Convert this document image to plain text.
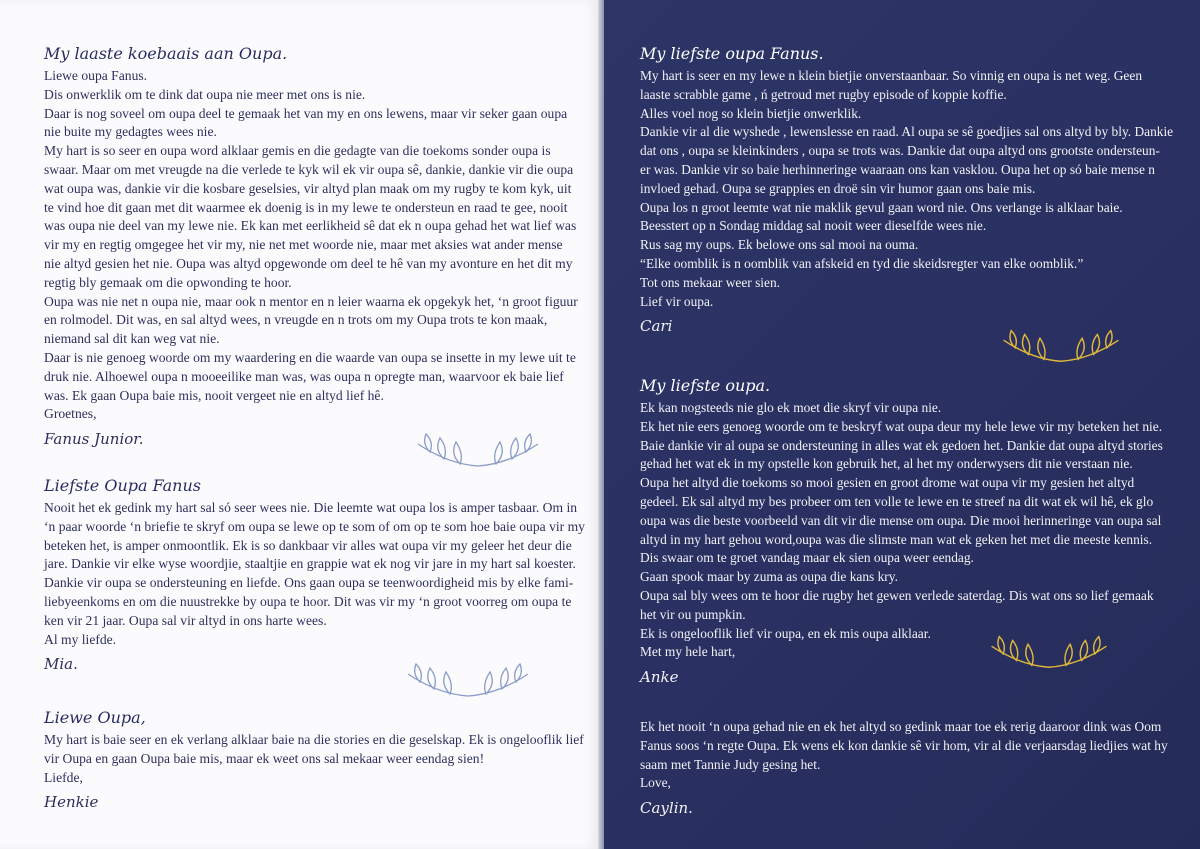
My laaste koebaais aan Oupa.
Liewe oupa Fanus.
Dis onwerklik om te dink dat oupa nie meer met ons is nie.
Daar is nog soveel om oupa deel te gemaak het van my en ons lewens, maar vir seker gaan oupa
nie buite my gedagtes wees nie.
My hart is so seer en oupa word alklaar gemis en die gedagte van die toekoms sonder oupa is
swaar. Maar om met vreugde na die verlede te kyk wil ek vir oupa sê, dankie, dankie vir die oupa
wat oupa was, dankie vir die kosbare geselsies, vir altyd plan maak om my rugby te kom kyk, uit
te vind hoe dit gaan met dit waarmee ek doenig is in my lewe te ondersteun en raad te gee, nooit
was oupa nie deel van my lewe nie. Ek kan met eerlikheid sê dat ek n oupa gehad het wat lief was
vir my en regtig omgegee het vir my, nie net met woorde nie, maar met aksies wat ander mense
nie altyd gesien het nie. Oupa was altyd opgewonde om deel te hê van my avonture en het dit my
regtig bly gemaak om die opwonding te hoor.
Oupa was nie net n oupa nie, maar ook n mentor en n leier waarna ek opgekyk het, ‘n groot figuur
en rolmodel. Dit was, en sal altyd wees, n vreugde en n trots om my Oupa trots te kon maak,
niemand sal dit kan weg vat nie.
Daar is nie genoeg woorde om my waardering en die waarde van oupa se insette in my lewe uit te
druk nie. Alhoewel oupa n mooeeilike man was, was oupa n opregte man, waarvoor ek baie lief
was. Ek gaan Oupa baie mis, nooit vergeet nie en altyd lief hê.
Groetnes,
Fanus Junior.
Liefste Oupa Fanus
Nooit het ek gedink my hart sal só seer wees nie. Die leemte wat oupa los is amper tasbaar. Om in
‘n paar woorde ‘n briefie te skryf om oupa se lewe op te som of om op te som hoe baie oupa vir my
beteken het, is amper onmoontlik. Ek is so dankbaar vir alles wat oupa vir my geleer het deur die
jare. Dankie vir elke wyse woordjie, staaltjie en grappie wat ek nog vir jare in my hart sal koester.
Dankie vir oupa se ondersteuning en liefde. Ons gaan oupa se teenwoordigheid mis by elke fami-
liebyeenkoms en om die nuustrekke by oupa te hoor. Dit was vir my ‘n groot voorreg om oupa te
ken vir 21 jaar. Oupa sal vir altyd in ons harte wees.
Al my liefde.
Mia.
Liewe Oupa,
My hart is baie seer en ek verlang alklaar baie na die stories en die geselskap. Ek is ongelooflik lief
vir Oupa en gaan Oupa baie mis, maar ek weet ons sal mekaar weer eendag sien!
Liefde,
Henkie
My liefste oupa Fanus.
My hart is seer en my lewe n klein bietjie onverstaanbaar. So vinnig en oupa is net weg. Geen
laaste scrabble game , ń getroud met rugby episode of koppie koffie.
Alles voel nog so klein bietjie onwerklik.
Dankie vir al die wyshede , lewenslesse en raad. Al oupa se sê goedjies sal ons altyd by bly. Dankie
dat ons , oupa se kleinkinders , oupa se trots was. Dankie dat oupa altyd ons grootste ondersteun-
er was. Dankie vir so baie herhinneringe waaraan ons kan vasklou. Oupa het op só baie mense n
invloed gehad. Oupa se grappies en droë sin vir humor gaan ons baie mis.
Oupa los n groot leemte wat nie maklik gevul gaan word nie. Ons verlange is alklaar baie.
Beesstert op n Sondag middag sal nooit weer dieselfde wees nie.
Rus sag my oups. Ek belowe ons sal mooi na ouma.
“Elke oomblik is n oomblik van afskeid en tyd die skeidsregter van elke oomblik.”
Tot ons mekaar weer sien.
Lief vir oupa.
Cari
My liefste oupa.
Ek kan nogsteeds nie glo ek moet die skryf vir oupa nie.
Ek het nie eers genoeg woorde om te beskryf wat oupa deur my hele lewe vir my beteken het nie.
Baie dankie vir al oupa se ondersteuning in alles wat ek gedoen het. Dankie dat oupa altyd stories
gehad het wat ek in my opstelle kon gebruik het, al het my onderwysers dit nie verstaan nie.
Oupa het altyd die toekoms so mooi gesien en groot drome wat oupa vir my gesien het altyd
gedeel. Ek sal altyd my bes probeer om ten volle te lewe en te streef na dit wat ek wil hê, ek glo
oupa was die beste voorbeeld van dit vir die mense om oupa. Die mooi herinneringe van oupa sal
altyd in my hart gehou word,oupa was die slimste man wat ek geken het met die meeste kennis.
Dis swaar om te groet vandag maar ek sien oupa weer eendag.
Gaan spook maar by zuma as oupa die kans kry.
Oupa sal bly wees om te hoor die rugby het gewen verlede saterdag. Dis wat ons so lief gemaak
het vir ou pumpkin.
Ek is ongelooflik lief vir oupa, en ek mis oupa alklaar.
Met my hele hart,
Anke
Ek het nooit ‘n oupa gehad nie en ek het altyd so gedink maar toe ek rerig daaroor dink was Oom
Fanus soos ‘n regte Oupa. Ek wens ek kon dankie sê vir hom, vir al die verjaarsdag liedjies wat hy
saam met Tannie Judy gesing het.
Love,
Caylin.
